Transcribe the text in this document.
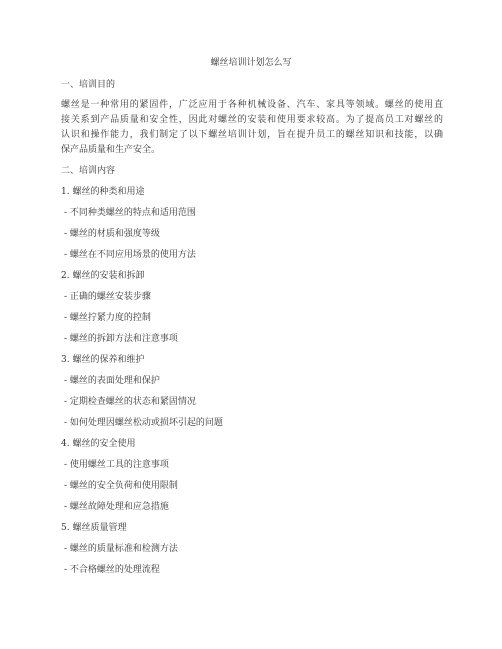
螺丝培训计划怎么写
一、培训目的
螺丝是一种常用的紧固件，广泛应用于各种机械设备、汽车、家具等领域。螺丝的使用直
接关系到产品质量和安全性，因此对螺丝的安装和使用要求较高。为了提高员工对螺丝的
认识和操作能力，我们制定了以下螺丝培训计划，旨在提升员工的螺丝知识和技能，以确
保产品质量和生产安全。
二、培训内容
1. 螺丝的种类和用途
- 不同种类螺丝的特点和适用范围
- 螺丝的材质和强度等级
- 螺丝在不同应用场景的使用方法
2. 螺丝的安装和拆卸
- 正确的螺丝安装步骤
- 螺丝拧紧力度的控制
- 螺丝的拆卸方法和注意事项
3. 螺丝的保养和维护
- 螺丝的表面处理和保护
- 定期检查螺丝的状态和紧固情况
- 如何处理因螺丝松动或损坏引起的问题
4. 螺丝的安全使用
- 使用螺丝工具的注意事项
- 螺丝的安全负荷和使用限制
- 螺丝故障处理和应急措施
5. 螺丝质量管理
- 螺丝的质量标准和检测方法
- 不合格螺丝的处理流程
